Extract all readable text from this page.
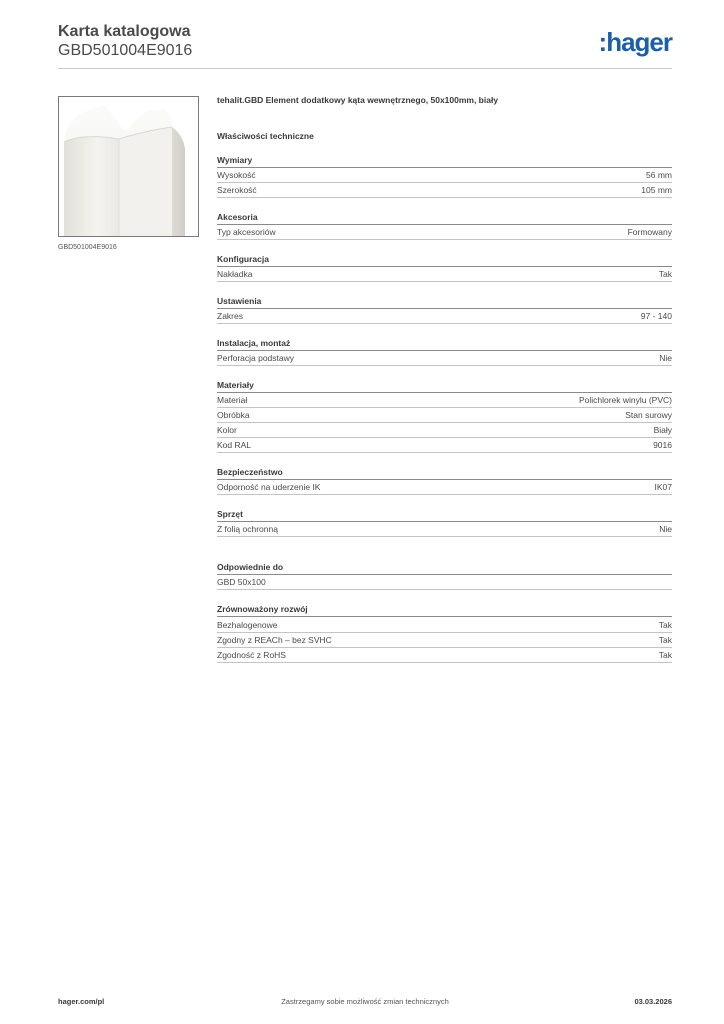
Karta katalogowa
GBD501004E9016	:hager
GBD501004E9016
tehalit.GBD Element dodatkowy kąta wewnętrznego, 50x100mm, biały
Właściwości techniczne
Wymiary
Wysokość	56 mm
Szerokość	105 mm
Akcesoria
Typ akcesoriów	Formowany
Konfiguracja
Nakładka	Tak
Ustawienia
Zakres	97 - 140
Instalacja, montaż
Perforacja podstawy	Nie
Materiały
Materiał	Polichlorek winylu (PVC)
Obróbka	Stan surowy
Kolor	Biały
Kod RAL	9016
Bezpieczeństwo
Odporność na uderzenie IK	IK07
Sprzęt
Z folią ochronną	Nie
Odpowiednie do
GBD 50x100
Zrównoważony rozwój
Bezhalogenowe	Tak
Zgodny z REACh – bez SVHC	Tak
Zgodność z RoHS	Tak
hager.com/pl	Zastrzegamy sobie możliwość zmian technicznych	03.03.2026
